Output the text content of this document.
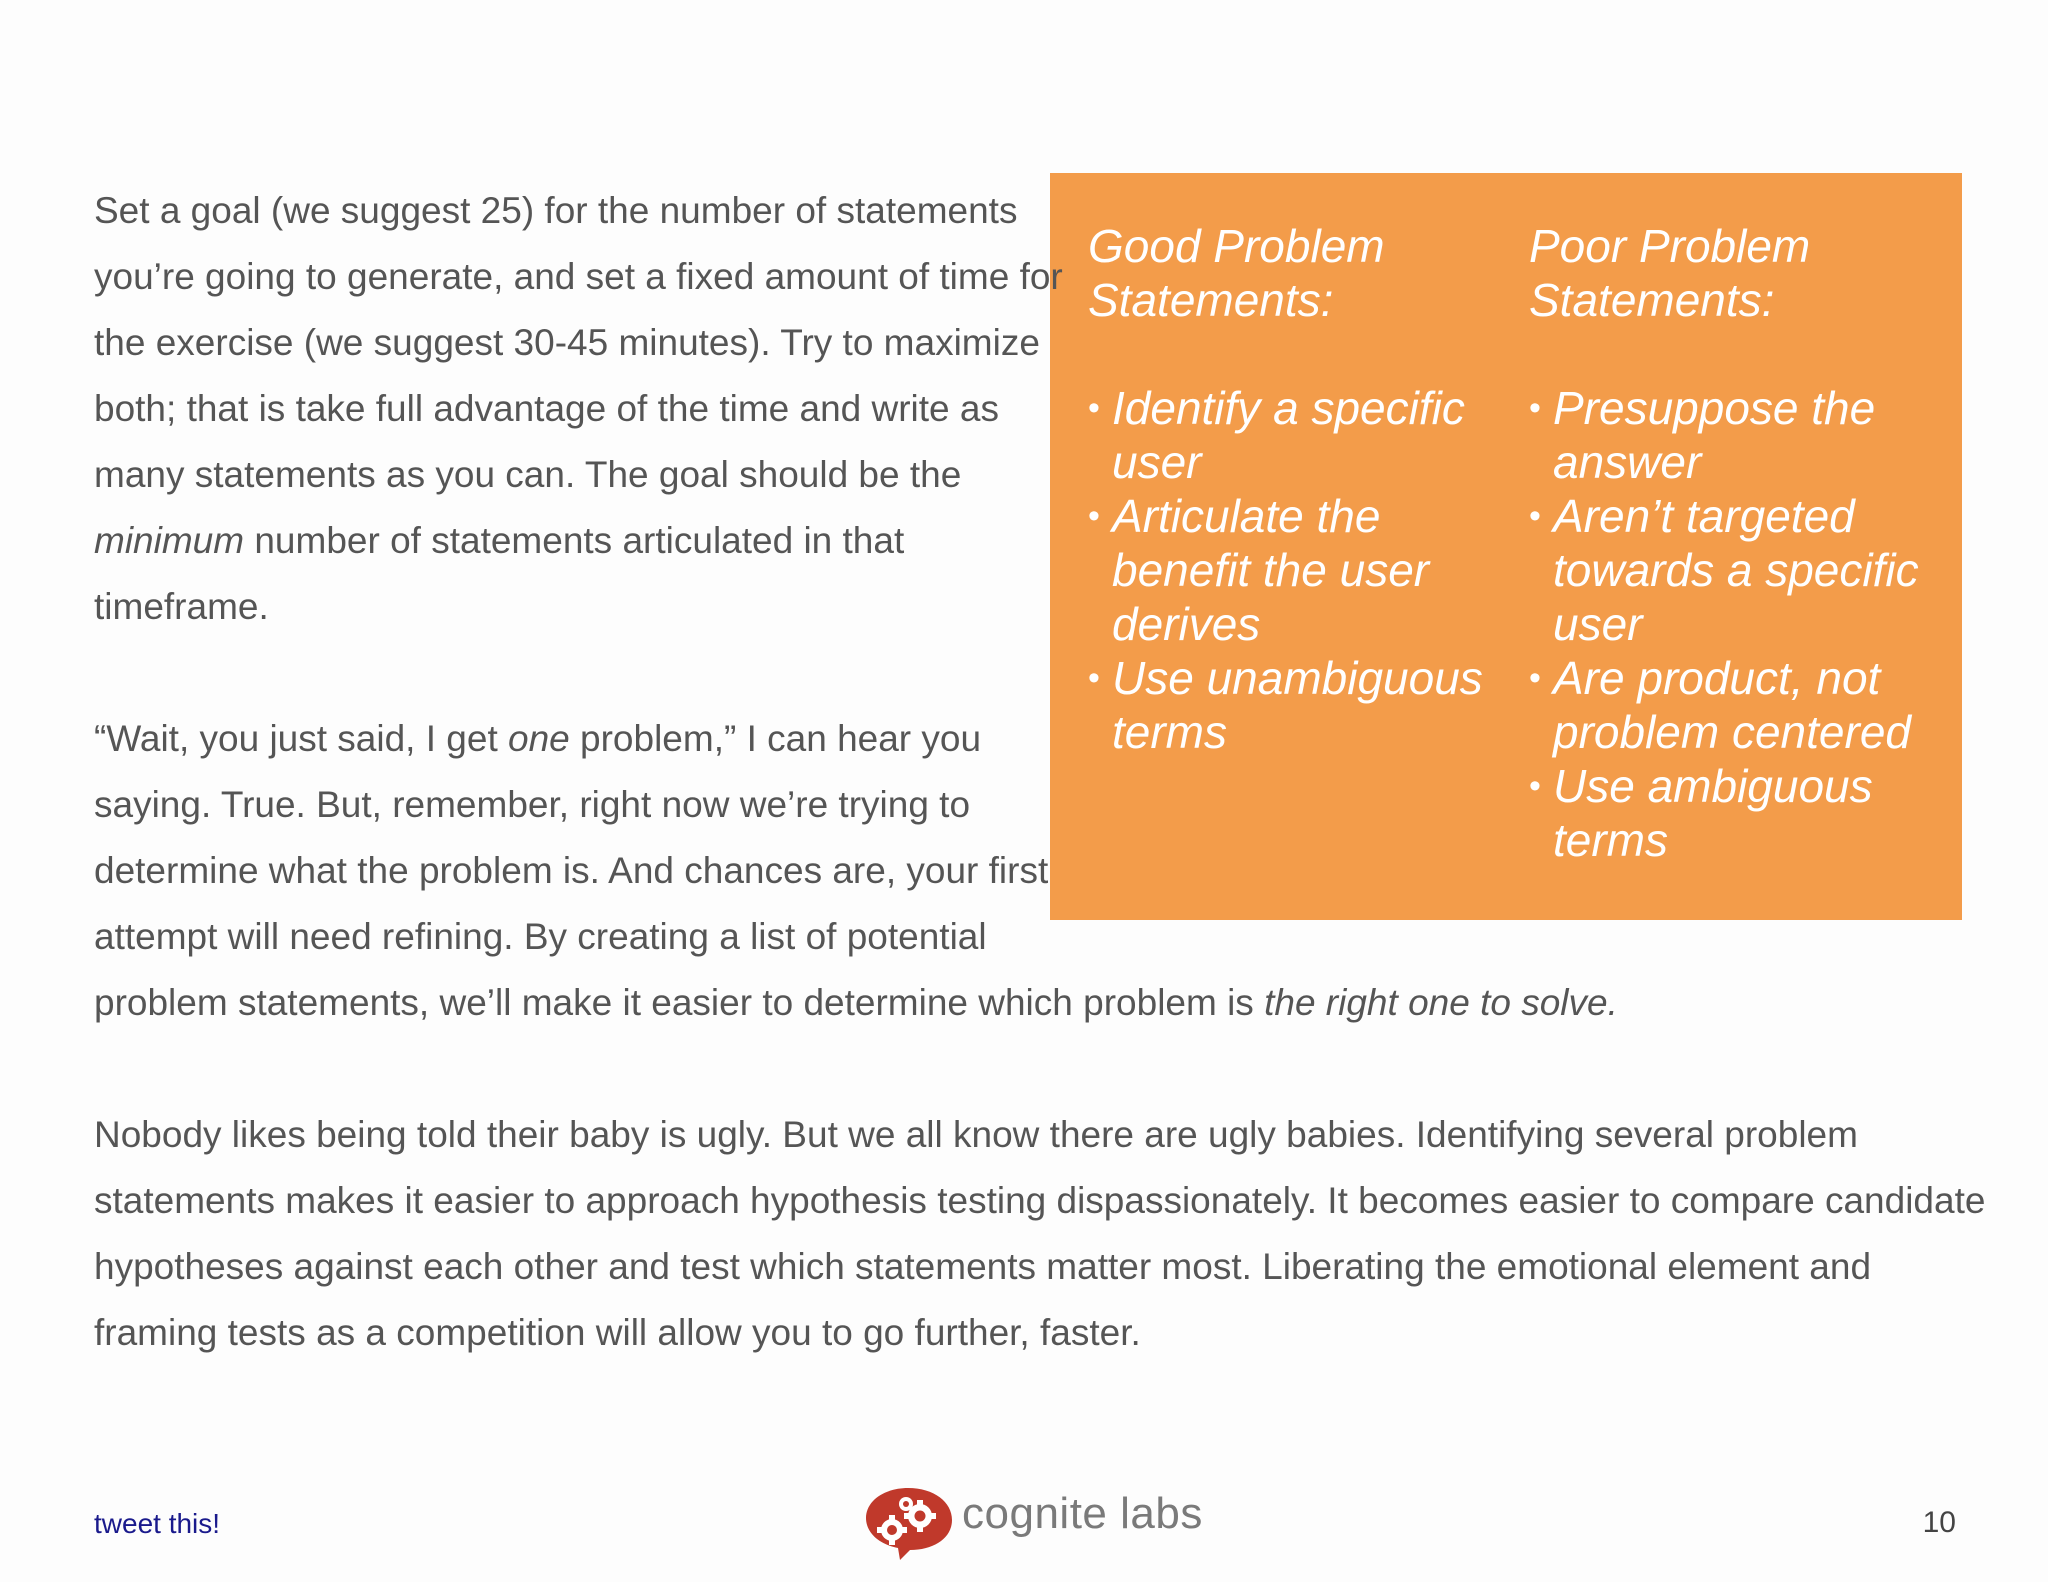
Good Problem
Statements:
• Identify a specific user
• Articulate the benefit the user derives
• Use unambiguous terms
Poor Problem
Statements:
• Presuppose the answer
• Aren’t targeted towards a specific user
• Are product, not problem centered
• Use ambiguous terms

Set a goal (we suggest 25) for the number of statements you’re going to generate, and set a fixed amount of time for the exercise (we suggest 30-45 minutes). Try to maximize both; that is take full advantage of the time and write as many statements as you can. The goal should be the minimum number of statements articulated in that timeframe.

“Wait, you just said, I get one problem,” I can hear you saying. True. But, remember, right now we’re trying to determine what the problem is. And chances are, your first attempt will need refining. By creating a list of potential problem statements, we’ll make it easier to determine which problem is the right one to solve.

Nobody likes being told their baby is ugly. But we all know there are ugly babies. Identifying several problem statements makes it easier to approach hypothesis testing dispassionately. It becomes easier to compare candidate hypotheses against each other and test which statements matter most. Liberating the emotional element and framing tests as a competition will allow you to go further, faster.

tweet this!	cognite labs	10
